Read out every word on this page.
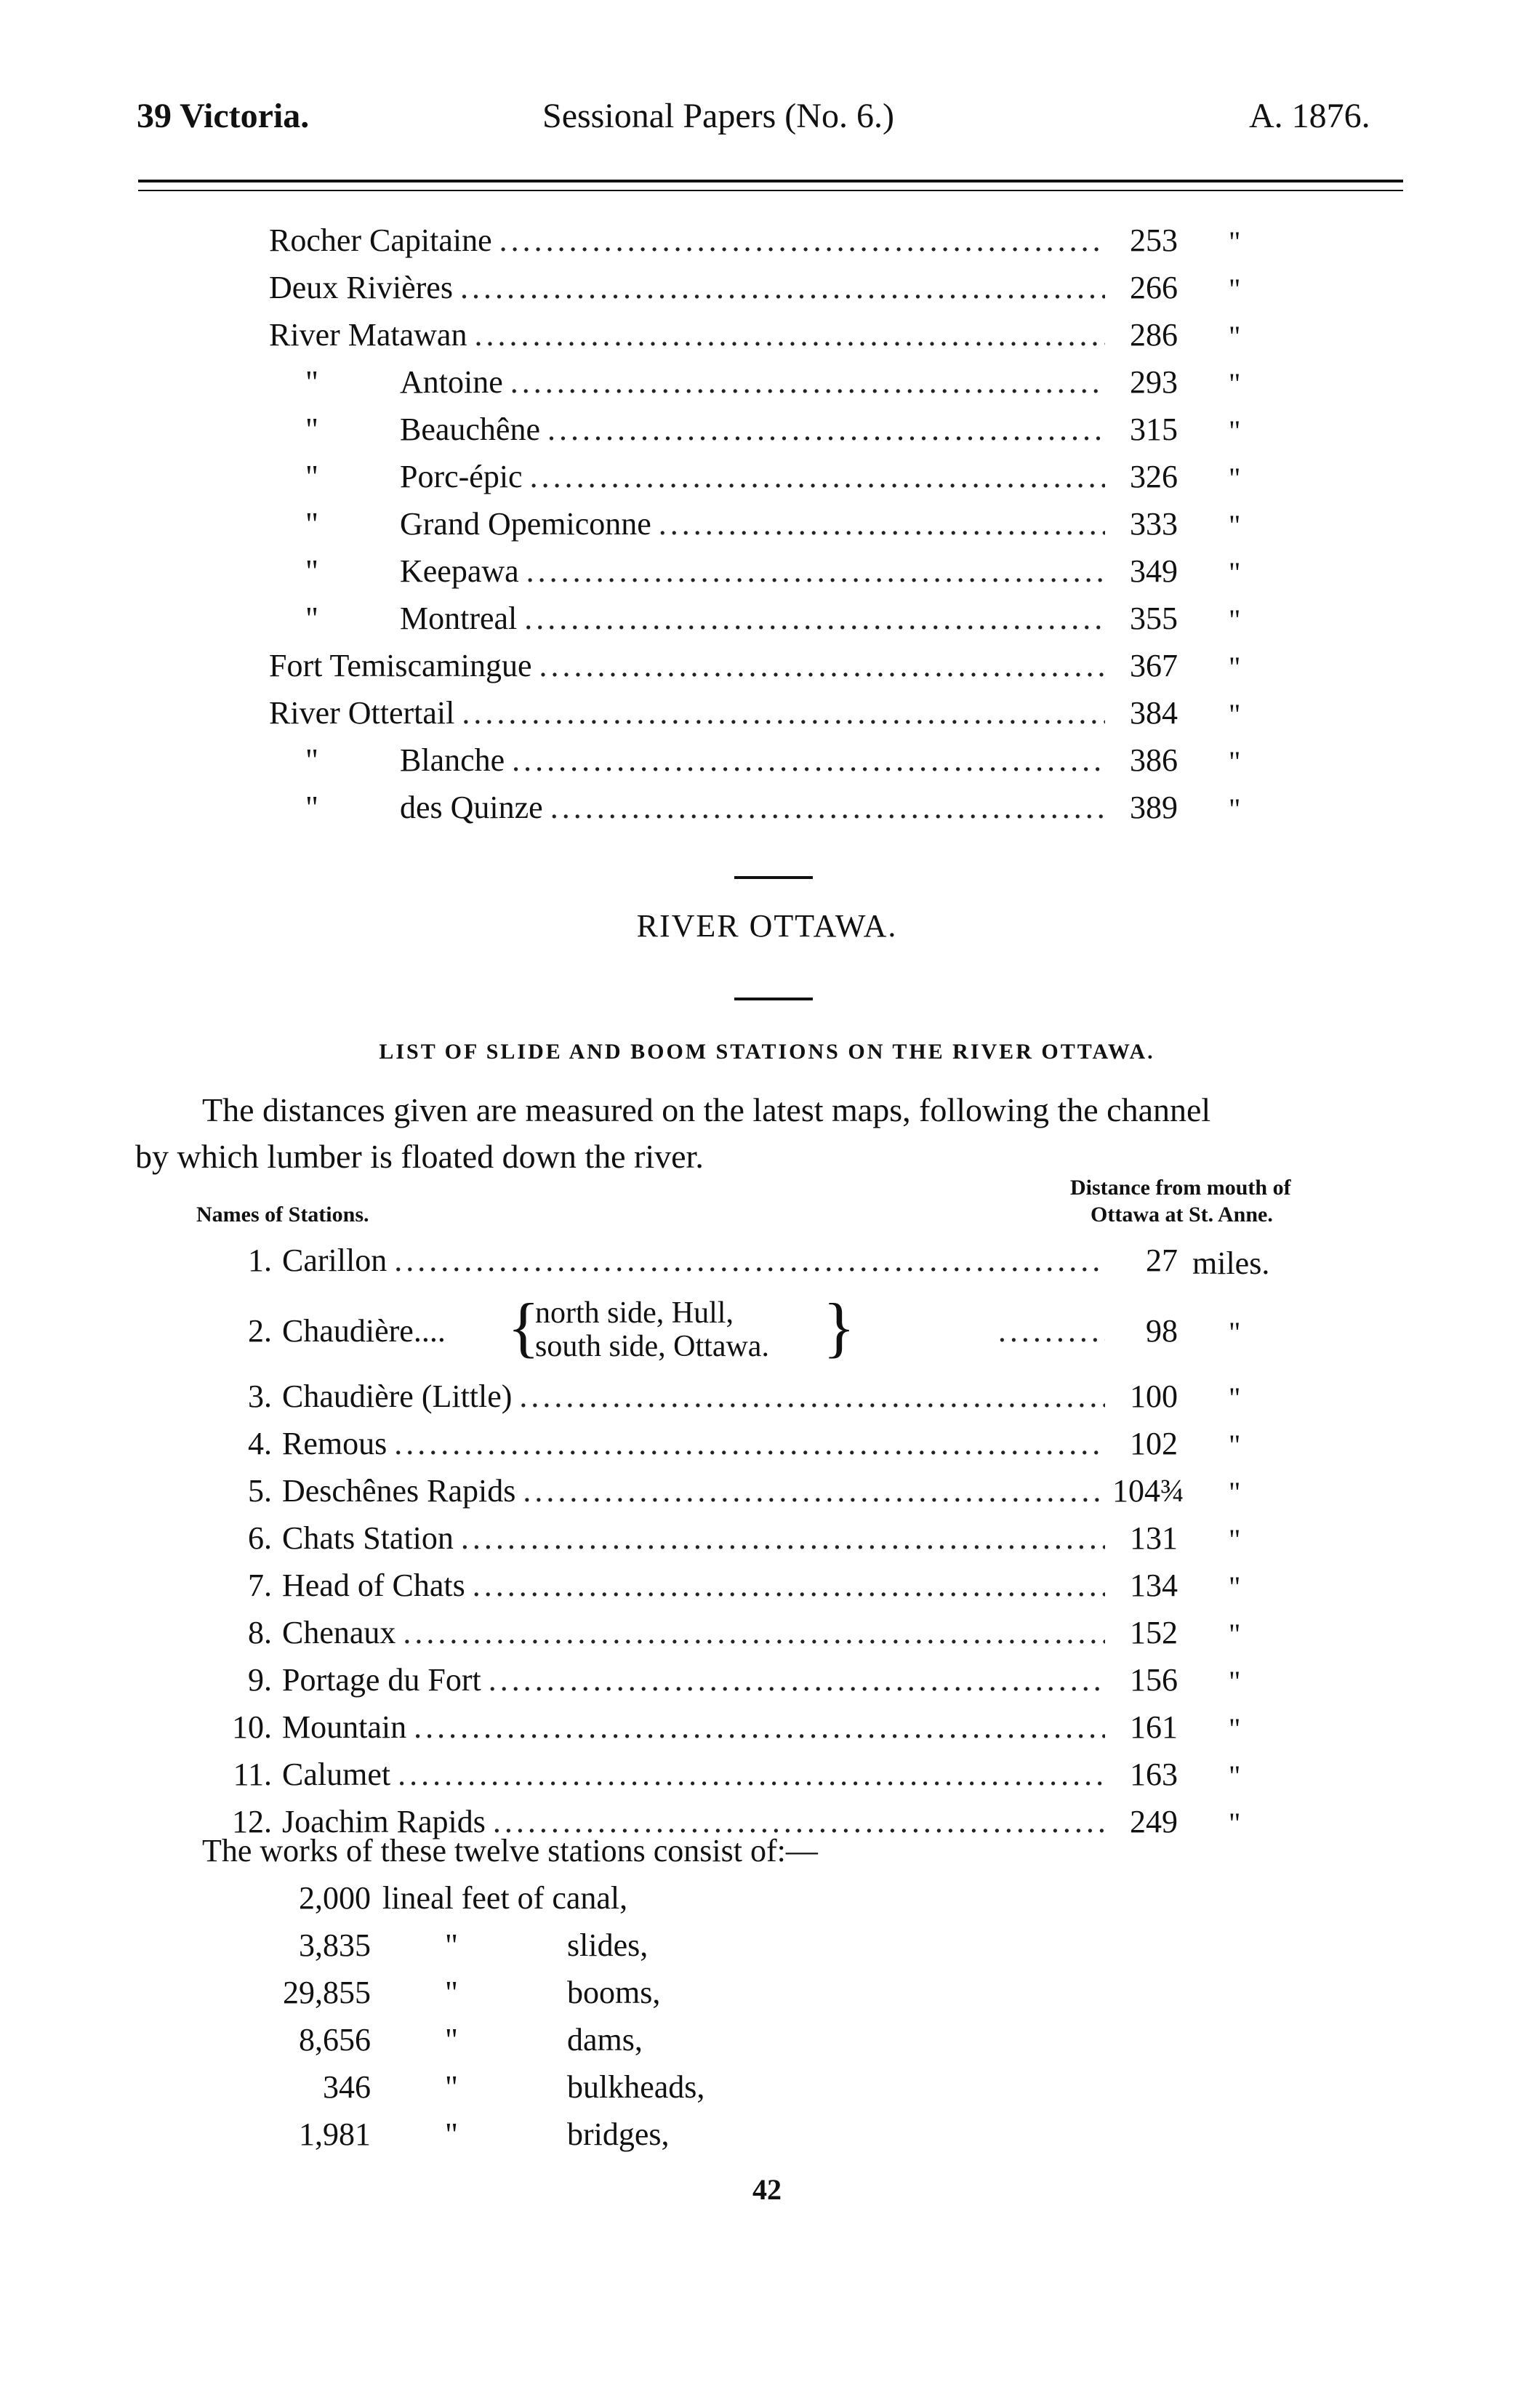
39 Victoria.	Sessional Papers (No. 6.)	A. 1876.
Rocher Capitaine .....	253 "
Deux Rivières .....	266 "
River Matawan .....	286 "
"	Antoine .....	293 "
"	Beauchêne .....	315 "
"	Porc-épic .....	326 "
"	Grand Opemiconne .....	333 "
"	Keepawa .....	349 "
"	Montreal .....	355 "
Fort Temiscamingue .....	367 "
River Ottertail .....	384 "
"	Blanche .....	386 "
"	des Quinze .....	389 "
RIVER OTTAWA.
LIST OF SLIDE AND BOOM STATIONS ON THE RIVER OTTAWA.
The distances given are measured on the latest maps, following the channel
by which lumber is floated down the river.
Distance from mouth of
Names of Stations.	Ottawa at St. Anne.
1. Carillon .....	27 miles.
2. Chaudière.... .....	98 "
{
north side, Hull,
south side, Ottawa. }
3. Chaudière (Little) .....	100 "
4. Remous .....	102 "
5. Deschênes Rapids .....	104¾ "
6. Chats Station .....	131 "
7. Head of Chats .....	134 "
8. Chenaux .....	152 "
9. Portage du Fort .....	156 "
10. Mountain .....	161 "
11. Calumet .....	163 "
12. Joachim Rapids .....	249 "
The works of these twelve stations consist of:—
2,000 lineal feet of canal,
3,835 "	slides,
29,855 "	booms,
8,656 "	dams,
346 "	bulkheads,
1,981 "	bridges,
42
